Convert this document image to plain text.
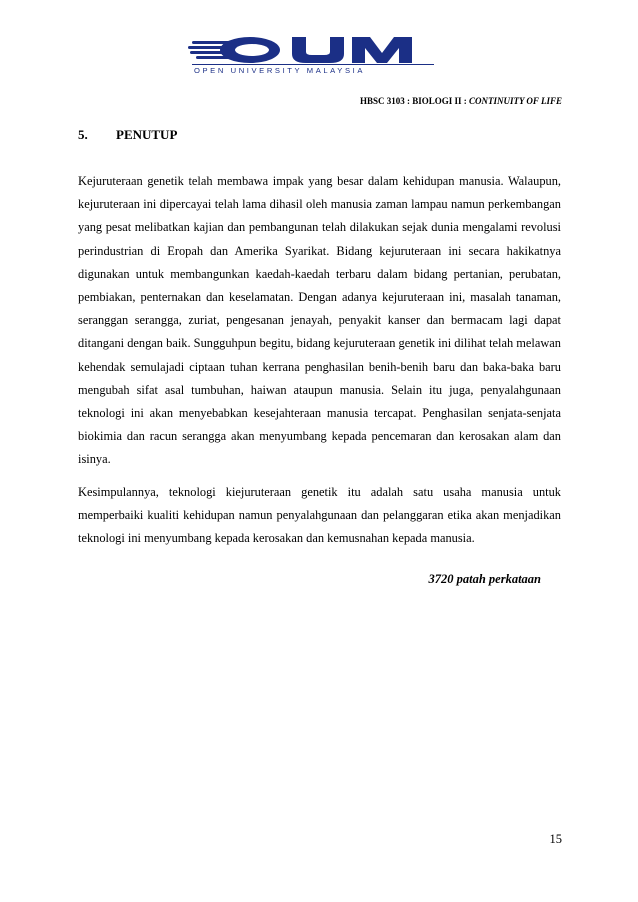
OPEN UNIVERSITY MALAYSIA
HBSC 3103 : BIOLOGI II : CONTINUITY OF LIFE
5. PENUTUP
Kejuruteraan genetik telah membawa impak yang besar dalam kehidupan manusia. Walaupun, kejuruteraan ini dipercayai telah lama dihasil oleh manusia zaman lampau namun perkembangan yang pesat melibatkan kajian dan pembangunan telah dilakukan sejak dunia mengalami revolusi perindustrian di Eropah dan Amerika Syarikat. Bidang kejuruteraan ini secara hakikatnya digunakan untuk membangunkan kaedah-kaedah terbaru dalam bidang pertanian, perubatan, pembiakan, penternakan dan keselamatan. Dengan adanya kejuruteraan ini, masalah tanaman, seranggan serangga, zuriat, pengesanan jenayah, penyakit kanser dan bermacam lagi dapat ditangani dengan baik. Sungguhpun begitu, bidang kejuruteraan genetik ini dilihat telah melawan kehendak semulajadi ciptaan tuhan kerrana penghasilan benih-benih baru dan baka-baka baru mengubah sifat asal tumbuhan, haiwan ataupun manusia. Selain itu juga, penyalahgunaan teknologi ini akan menyebabkan kesejahteraan manusia tercapat. Penghasilan senjata-senjata biokimia dan racun serangga akan menyumbang kepada pencemaran dan kerosakan alam dan isinya.
Kesimpulannya, teknologi kiejuruteraan genetik itu adalah satu usaha manusia untuk memperbaiki kualiti kehidupan namun penyalahgunaan dan pelanggaran etika akan menjadikan teknologi ini menyumbang kepada kerosakan dan kemusnahan kepada manusia.
3720 patah perkataan
15
